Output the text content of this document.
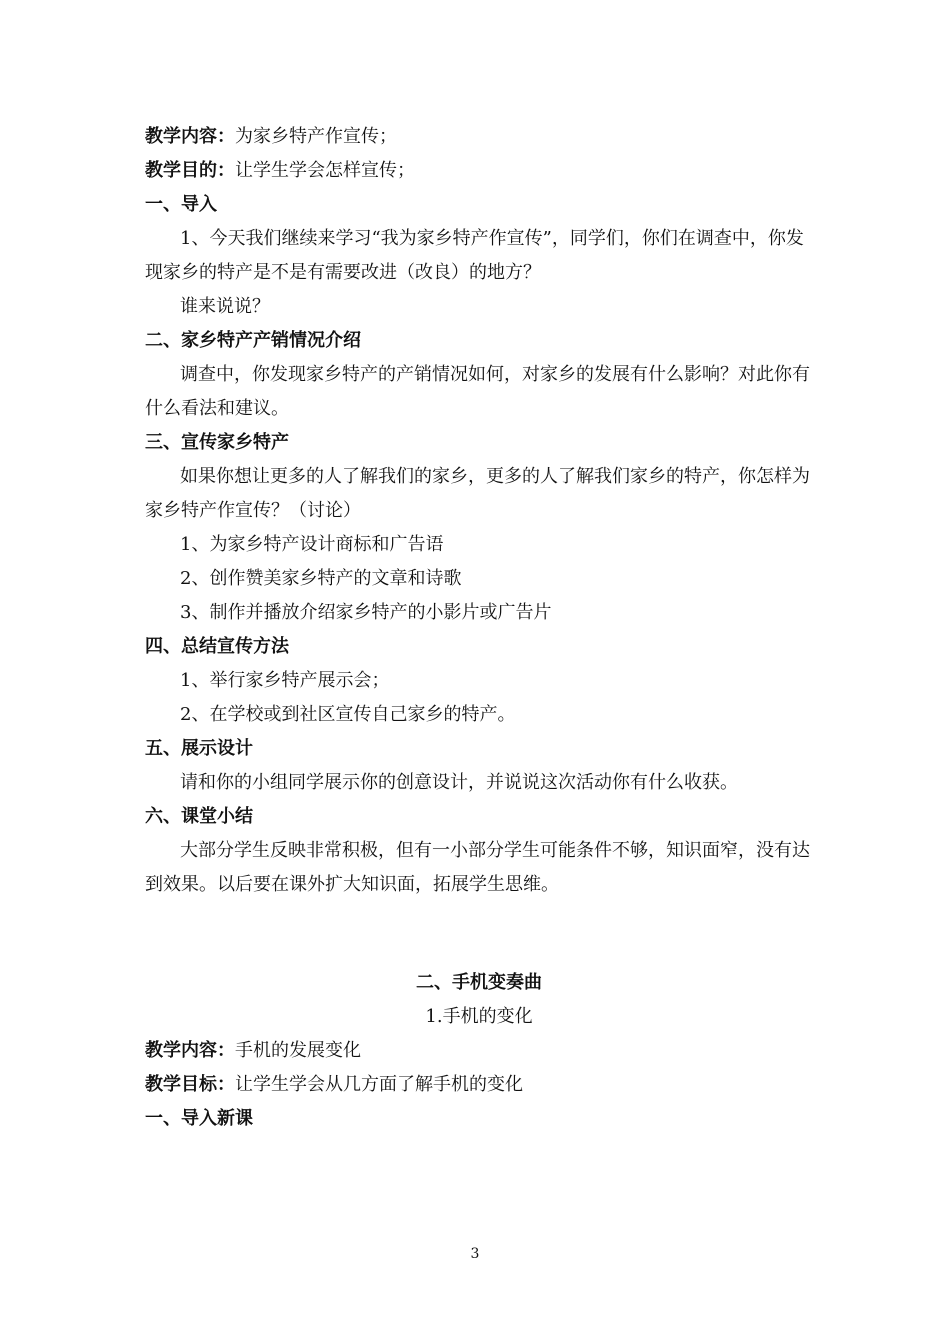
教学内容：为家乡特产作宣传；
教学目的：让学生学会怎样宣传；
一、导入
1、今天我们继续来学习“我为家乡特产作宣传”，同学们，你们在调查中，你发现家乡的特产是不是有需要改进（改良）的地方？
谁来说说？
二、家乡特产产销情况介绍
调查中，你发现家乡特产的产销情况如何，对家乡的发展有什么影响？对此你有什么看法和建议。
三、宣传家乡特产
如果你想让更多的人了解我们的家乡，更多的人了解我们家乡的特产，你怎样为家乡特产作宣传？（讨论）
1、为家乡特产设计商标和广告语
2、创作赞美家乡特产的文章和诗歌
3、制作并播放介绍家乡特产的小影片或广告片
四、总结宣传方法
1、举行家乡特产展示会；
2、在学校或到社区宣传自己家乡的特产。
五、展示设计
请和你的小组同学展示你的创意设计，并说说这次活动你有什么收获。
六、课堂小结
大部分学生反映非常积极，但有一小部分学生可能条件不够，知识面窄，没有达到效果。以后要在课外扩大知识面，拓展学生思维。
二、手机变奏曲
1.手机的变化
教学内容：手机的发展变化
教学目标：让学生学会从几方面了解手机的变化
一、导入新课
3
